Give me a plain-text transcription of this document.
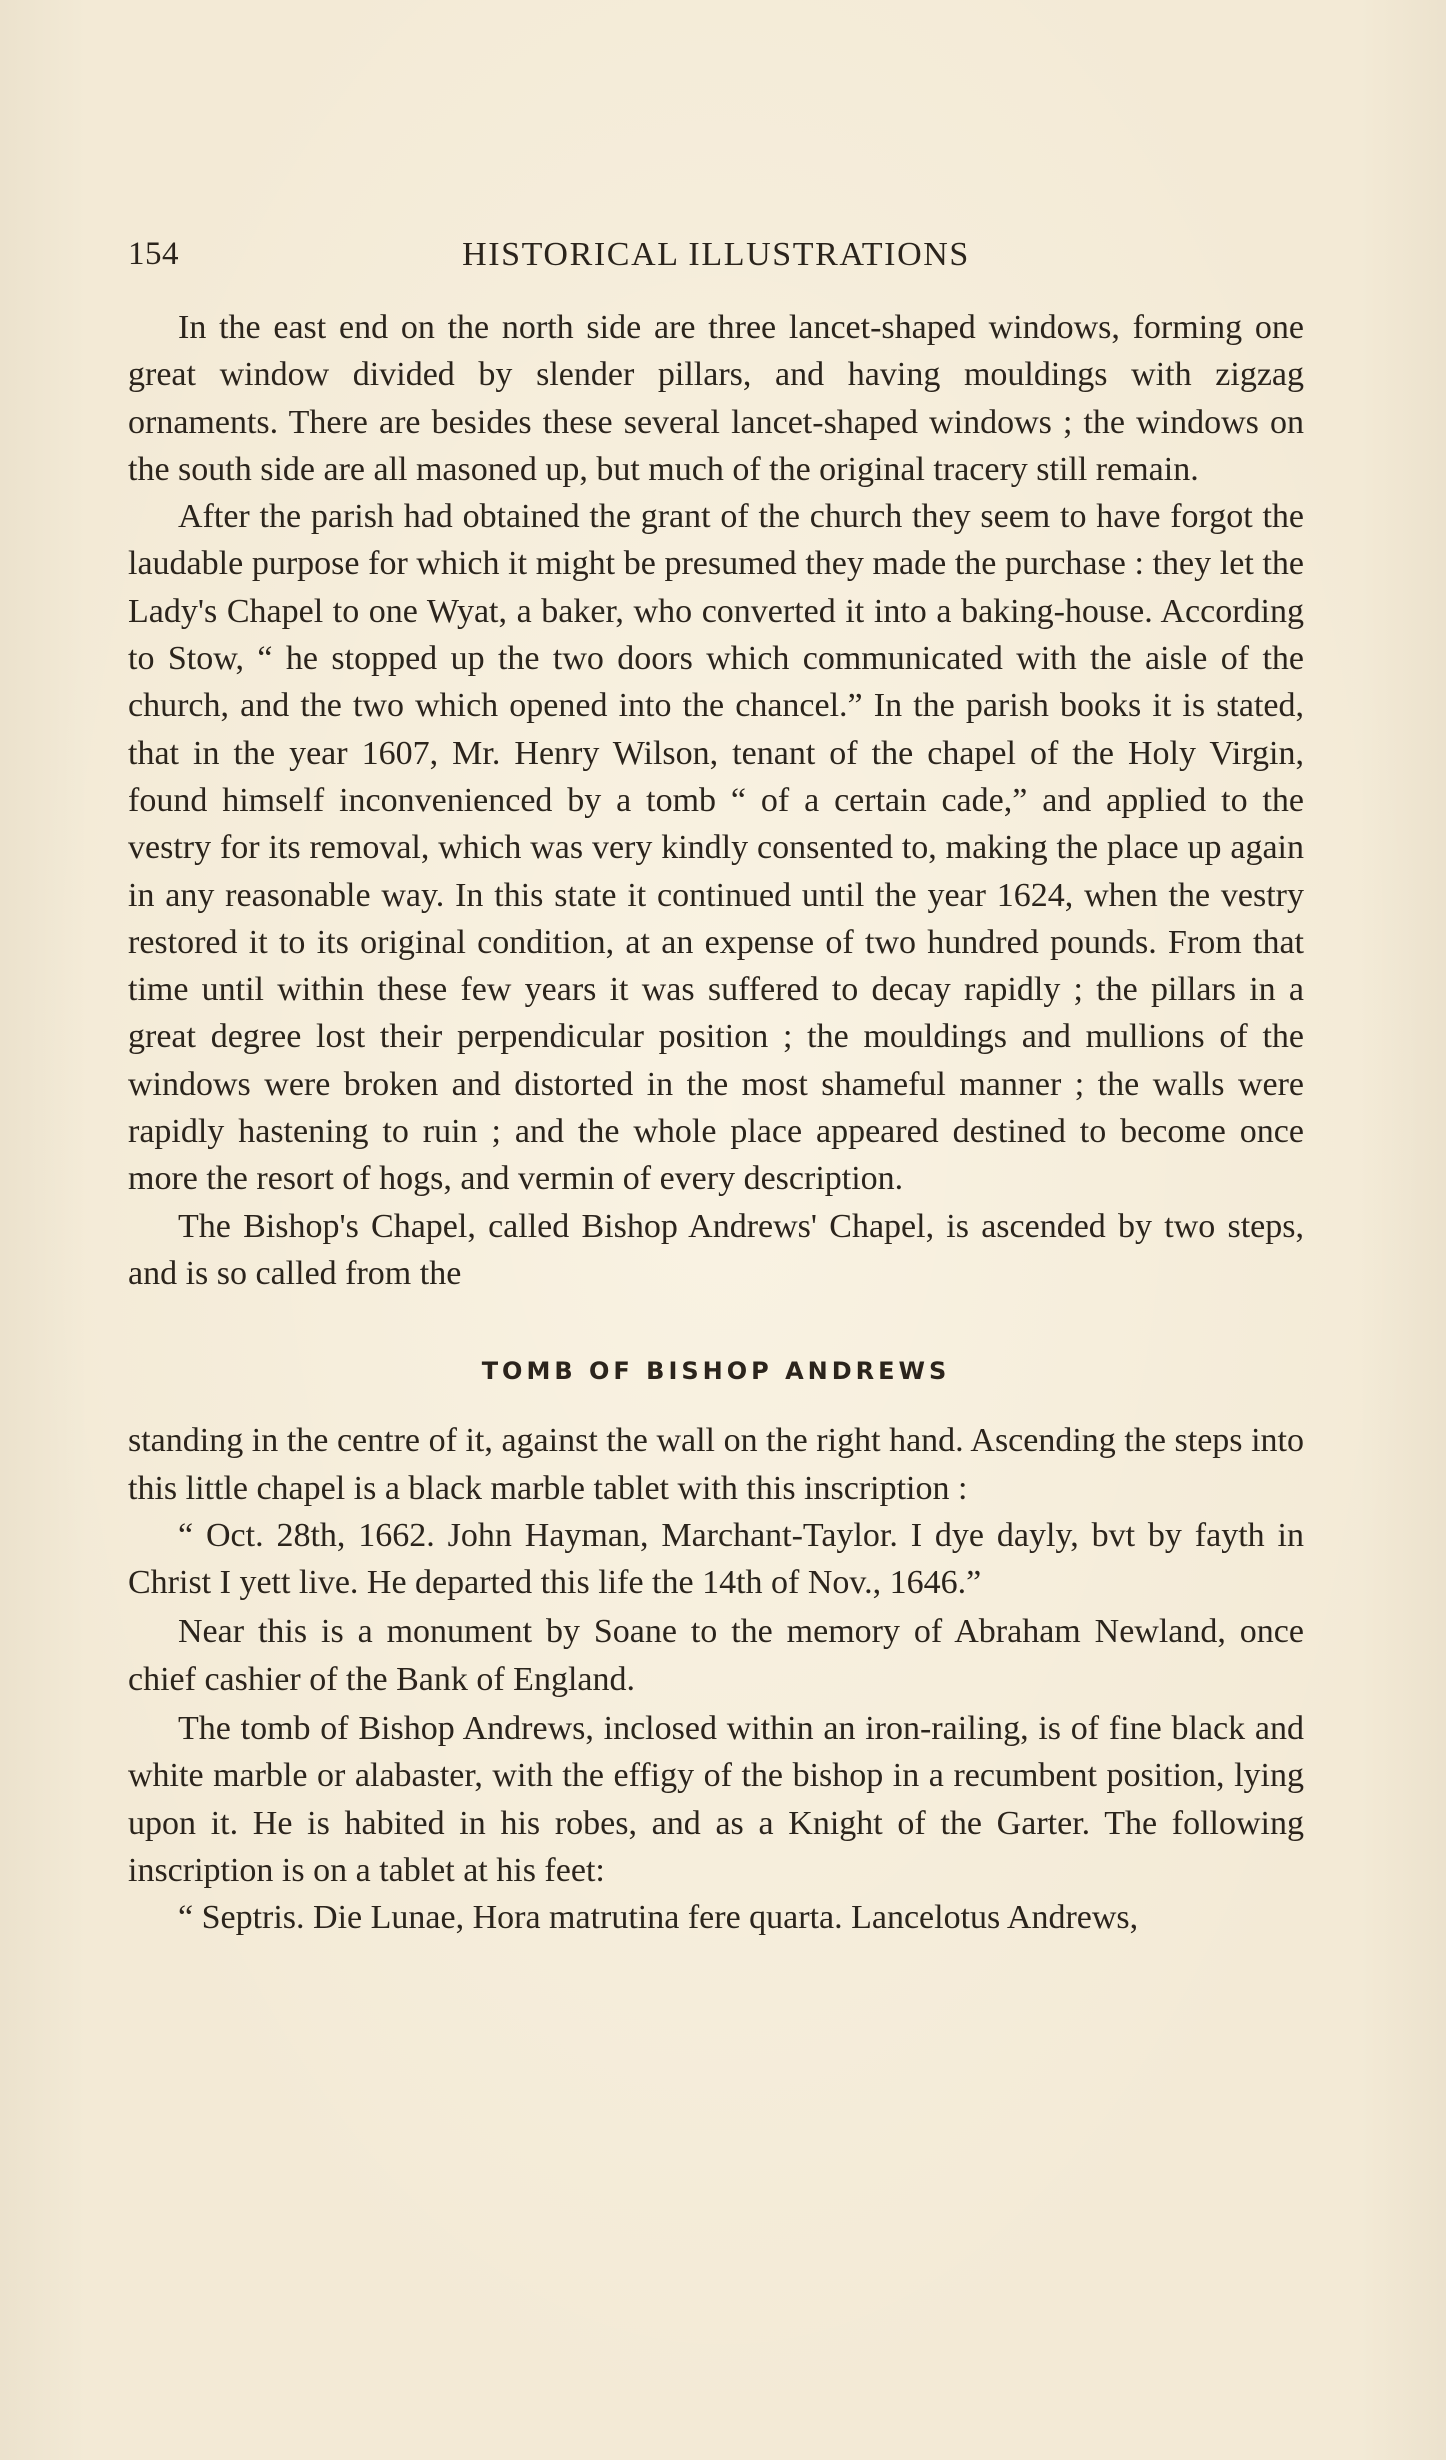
154	HISTORICAL ILLUSTRATIONS

In the east end on the north side are three lancet-shaped windows, forming one great window divided by slender pillars, and having mouldings with zigzag ornaments. There are besides these several lancet-shaped windows ; the windows on the south side are all masoned up, but much of the original tracery still remain.

After the parish had obtained the grant of the church they seem to have forgot the laudable purpose for which it might be presumed they made the purchase : they let the Lady's Chapel to one Wyat, a baker, who converted it into a baking-house. According to Stow, “ he stopped up the two doors which communicated with the aisle of the church, and the two which opened into the chancel.” In the parish books it is stated, that in the year 1607, Mr. Henry Wilson, tenant of the chapel of the Holy Virgin, found himself inconvenienced by a tomb “ of a certain cade,” and applied to the vestry for its removal, which was very kindly consented to, making the place up again in any reasonable way. In this state it continued until the year 1624, when the vestry restored it to its original condition, at an expense of two hundred pounds. From that time until within these few years it was suffered to decay rapidly ; the pillars in a great degree lost their perpendicular position ; the mouldings and mullions of the windows were broken and distorted in the most shameful manner ; the walls were rapidly hastening to ruin ; and the whole place appeared destined to become once more the resort of hogs, and vermin of every description.

The Bishop's Chapel, called Bishop Andrews' Chapel, is ascended by two steps, and is so called from the

TOMB OF BISHOP ANDREWS

standing in the centre of it, against the wall on the right hand. Ascending the steps into this little chapel is a black marble tablet with this inscription :

“ Oct. 28th, 1662. John Hayman, Marchant-Taylor. I dye dayly, bvt by fayth in Christ I yett live. He departed this life the 14th of Nov., 1646.”

Near this is a monument by Soane to the memory of Abraham Newland, once chief cashier of the Bank of England.

The tomb of Bishop Andrews, inclosed within an iron-railing, is of fine black and white marble or alabaster, with the effigy of the bishop in a recumbent position, lying upon it. He is habited in his robes, and as a Knight of the Garter. The following inscription is on a tablet at his feet:

“ Septris. Die Lunae, Hora matrutina fere quarta. Lancelotus Andrews,
